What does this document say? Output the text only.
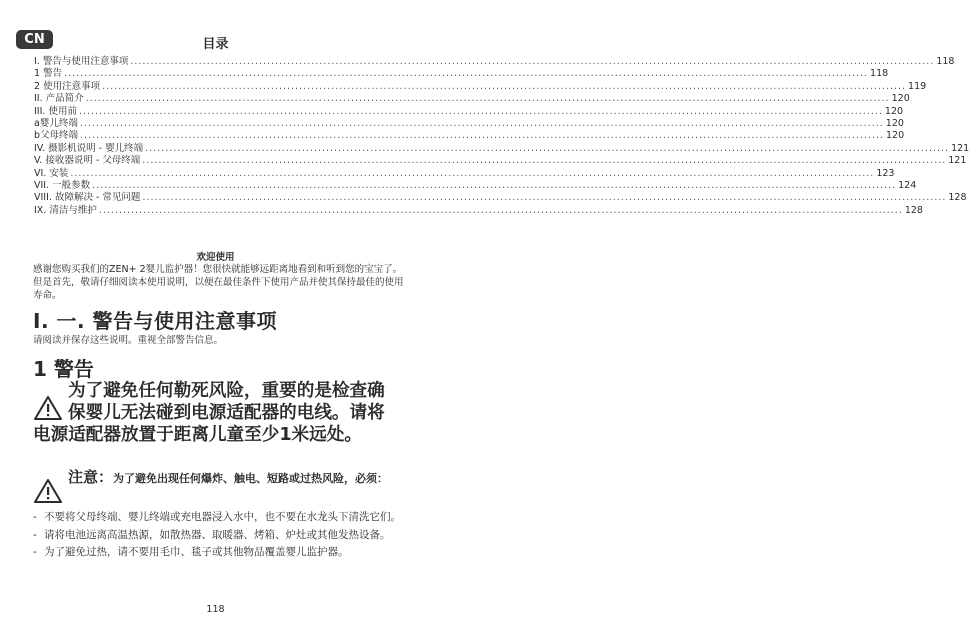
CN	目录
I. 警告与使用注意事项 ........................................................................................................................................................................................................ 118
1 警告 ........................................................................................................................................................................................................ 118
2 使用注意事项 ........................................................................................................................................................................................................ 119
II. 产品简介 ........................................................................................................................................................................................................ 120
III. 使用前 ........................................................................................................................................................................................................ 120
a婴儿终端 ........................................................................................................................................................................................................ 120
b父母终端 ........................................................................................................................................................................................................ 120
IV. 摄影机说明 - 婴儿终端 ........................................................................................................................................................................................................ 121
V. 接收器说明 - 父母终端 ........................................................................................................................................................................................................ 121
VI. 安装 ........................................................................................................................................................................................................ 123
VII. 一般参数 ........................................................................................................................................................................................................ 124
VIII. 故障解决 - 常见问题 ........................................................................................................................................................................................................ 128
IX. 清洁与维护 ........................................................................................................................................................................................................ 128
欢迎使用
感谢您购买我们的ZEN+ 2婴儿监护器！您很快就能够远距离地看到和听到您的宝宝了。但是首先，敬请仔细阅读本使用说明，以便在最佳条件下使用产品并使其保持最佳的使用寿命。
I. 一. 警告与使用注意事项
请阅读并保存这些说明。重视全部警告信息。
1 警告
为了避免任何勒死风险，重要的是检查确
保婴儿无法碰到电源适配器的电线。请将
电源适配器放置于距离儿童至少1米远处。
注意：为了避免出现任何爆炸、触电、短路或过热风险，必须：
- 不要将父母终端、婴儿终端或充电器浸入水中，也不要在水龙头下清洗它们。
- 请将电池远离高温热源，如散热器、取暖器、烤箱、炉灶或其他发热设备。
- 为了避免过热，请不要用毛巾、毯子或其他物品覆盖婴儿监护器。
118
